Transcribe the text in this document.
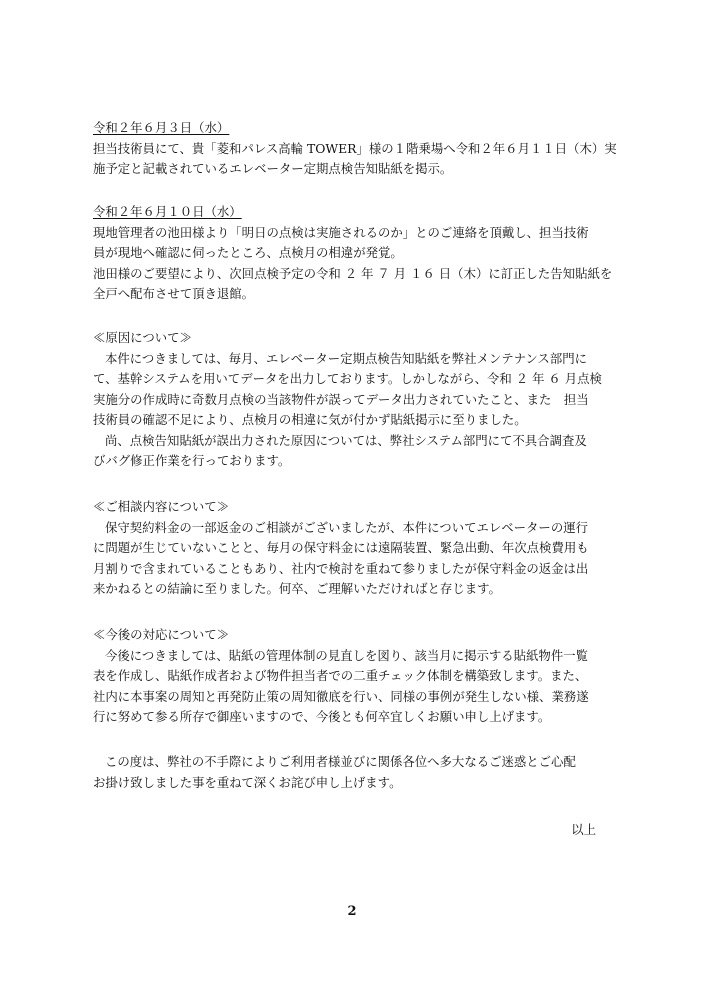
令和２年６月３日（水）
担当技術員にて、貴「菱和パレス高輪 TOWER」様の１階乗場へ令和２年６月１１日（木）実
施予定と記載されているエレベーター定期点検告知貼紙を掲示。
令和２年６月１０日（水）
現地管理者の池田様より「明日の点検は実施されるのか」とのご連絡を頂戴し、担当技術
員が現地へ確認に伺ったところ、点検月の相違が発覚。
池田様のご要望により、次回点検予定の令和 ２ 年 ７ 月 １６ 日（木）に訂正した告知貼紙を
全戸へ配布させて頂き退館。
≪原因について≫
本件につきましては、毎月、エレベーター定期点検告知貼紙を弊社メンテナンス部門に
て、基幹システムを用いてデータを出力しております。しかしながら、令和 ２ 年 ６ 月点検
実施分の作成時に奇数月点検の当該物件が誤ってデータ出力されていたこと、また　担当
技術員の確認不足により、点検月の相違に気が付かず貼紙掲示に至りました。
尚、点検告知貼紙が誤出力された原因については、弊社システム部門にて不具合調査及
びバグ修正作業を行っております。
≪ご相談内容について≫
保守契約料金の一部返金のご相談がございましたが、本件についてエレベーターの運行
に問題が生じていないことと、毎月の保守料金には遠隔装置、緊急出動、年次点検費用も
月割りで含まれていることもあり、社内で検討を重ねて参りましたが保守料金の返金は出
来かねるとの結論に至りました。何卒、ご理解いただければと存じます。
≪今後の対応について≫
今後につきましては、貼紙の管理体制の見直しを図り、該当月に掲示する貼紙物件一覧
表を作成し、貼紙作成者および物件担当者での二重チェック体制を構築致します。また、
社内に本事案の周知と再発防止策の周知徹底を行い、同様の事例が発生しない様、業務遂
行に努めて参る所存で御座いますので、今後とも何卒宜しくお願い申し上げます。
この度は、弊社の不手際によりご利用者様並びに関係各位へ多大なるご迷惑とご心配
お掛け致しました事を重ねて深くお詫び申し上げます。
以上
2
